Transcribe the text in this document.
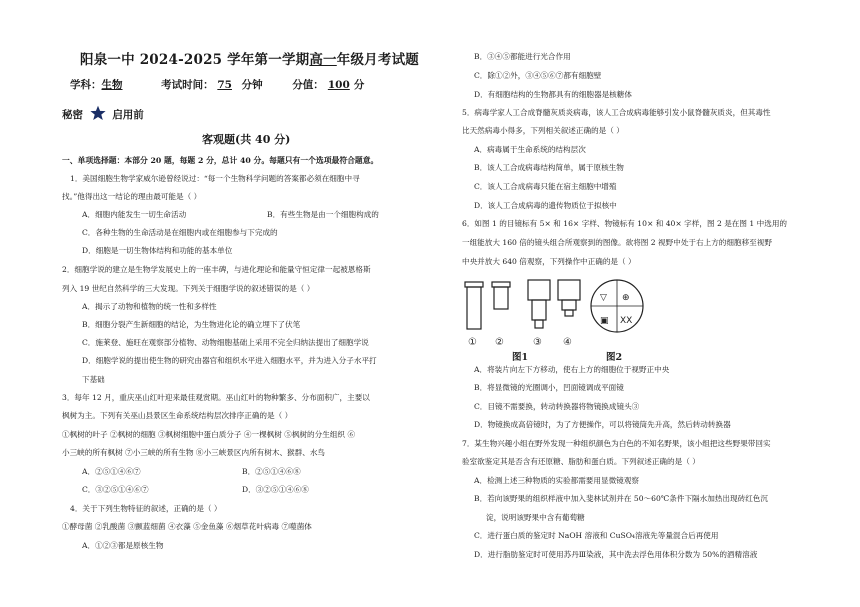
阳泉一中 2024-2025 学年第一学期高一年级月考试题
学科：生物	考试时间： 75 分钟	分值： 100 分
秘密	启用前
客观题(共 40 分)
一、单项选择题：本部分 20 题，每题 2 分，总计 40 分。每题只有一个选项最符合题意。
1．美国细胞生物学家威尔逊曾经说过：“每一个生物科学问题的答案都必须在细胞中寻
找。”他得出这一结论的理由最可能是（ ）
A．细胞内能发生一切生命活动	B．有些生物是由一个细胞构成的
C．各种生物的生命活动是在细胞内或在细胞参与下完成的
D．细胞是一切生物体结构和功能的基本单位
2．细胞学说的建立是生物学发展史上的一座丰碑，与进化理论和能量守恒定律一起被恩格斯
列入 19 世纪自然科学的三大发现。下列关于细胞学说的叙述错误的是（ ）
A．揭示了动物和植物的统一性和多样性
B．细胞分裂产生新细胞的结论，为生物进化论的确立埋下了伏笔
C．施莱登、施旺在观察部分植物、动物细胞基础上采用不完全归纳法提出了细胞学说
D．细胞学说的提出使生物的研究由器官和组织水平进入细胞水平，并为进入分子水平打
下基础
3．每年 12 月，重庆巫山红叶迎来最佳观赏期。巫山红叶的物种繁多、分布面积广，主要以
枫树为主。下列有关巫山县景区生命系统结构层次排序正确的是（ ）
①枫树的叶子 ②枫树的细胞 ③枫树细胞中蛋白质分子 ④一棵枫树 ⑤枫树的分生组织 ⑥
小三峡的所有枫树 ⑦小三峡的所有生物 ⑧小三峡景区内所有树木、猴群、水鸟
A．②⑤①④⑥⑦	B．②⑤①④⑥⑧
C．③②⑤①④⑥⑦	D．③②⑤①④⑥⑧
4．关于下列生物特征的叙述，正确的是（ ）
①酵母菌 ②乳酸菌 ③颤蓝细菌 ④衣藻 ⑤金鱼藻 ⑥烟草花叶病毒 ⑦噬菌体
A．①②③都是原核生物
B．③④⑤都能进行光合作用
C．除①②外，③④⑤⑥⑦都有细胞壁
D．有细胞结构的生物都具有的细胞器是核糖体
5．病毒学家人工合成脊髓灰质炎病毒，该人工合成病毒能够引发小鼠脊髓灰质炎，但其毒性
比天然病毒小得多，下列相关叙述正确的是（ ）
A．病毒属于生命系统的结构层次
B．该人工合成病毒结构简单，属于原核生物
C．该人工合成病毒只能在宿主细胞中增殖
D．该人工合成病毒的遗传物质位于拟核中
6．如图 1 的目镜标有 5× 和 16× 字样、物镜标有 10× 和 40× 字样，图 2 是在图 1 中选用的
一组能放大 160 倍的镜头组合所观察到的图像。欲将图 2 视野中处于右上方的细胞移至视野
中央并放大 640 倍观察，下列操作中正确的是（ ）
① ②	③ ④
图1
▽ ⊕
XX
▣
图2
A．将装片向左下方移动，使右上方的细胞位于视野正中央
B．将显微镜的光圈调小，凹面镜调成平面镜
C．目镜不需要换，转动转换器将物镜换成镜头③
D．物镜换成高倍镜时，为了方便操作，可以将镜筒先升高，然后转动转换器
7．某生物兴趣小组在野外发现一种组织颜色为白色的不知名野果，该小组把这些野果带回实
验室欲鉴定其是否含有还原糖、脂肪和蛋白质。下列叙述正确的是（ ）
A．检测上述三种物质的实验都需要用显微镜观察
B．若向该野果的组织样液中加入斐林试剂并在 50～60℃条件下隔水加热出现砖红色沉
淀，说明该野果中含有葡萄糖
C．进行蛋白质的鉴定时 NaOH 溶液和 CuSO₄溶液先等量混合后再使用
D．进行脂肪鉴定时可使用苏丹Ⅲ染液，其中洗去浮色用体积分数为 50%的酒精溶液
